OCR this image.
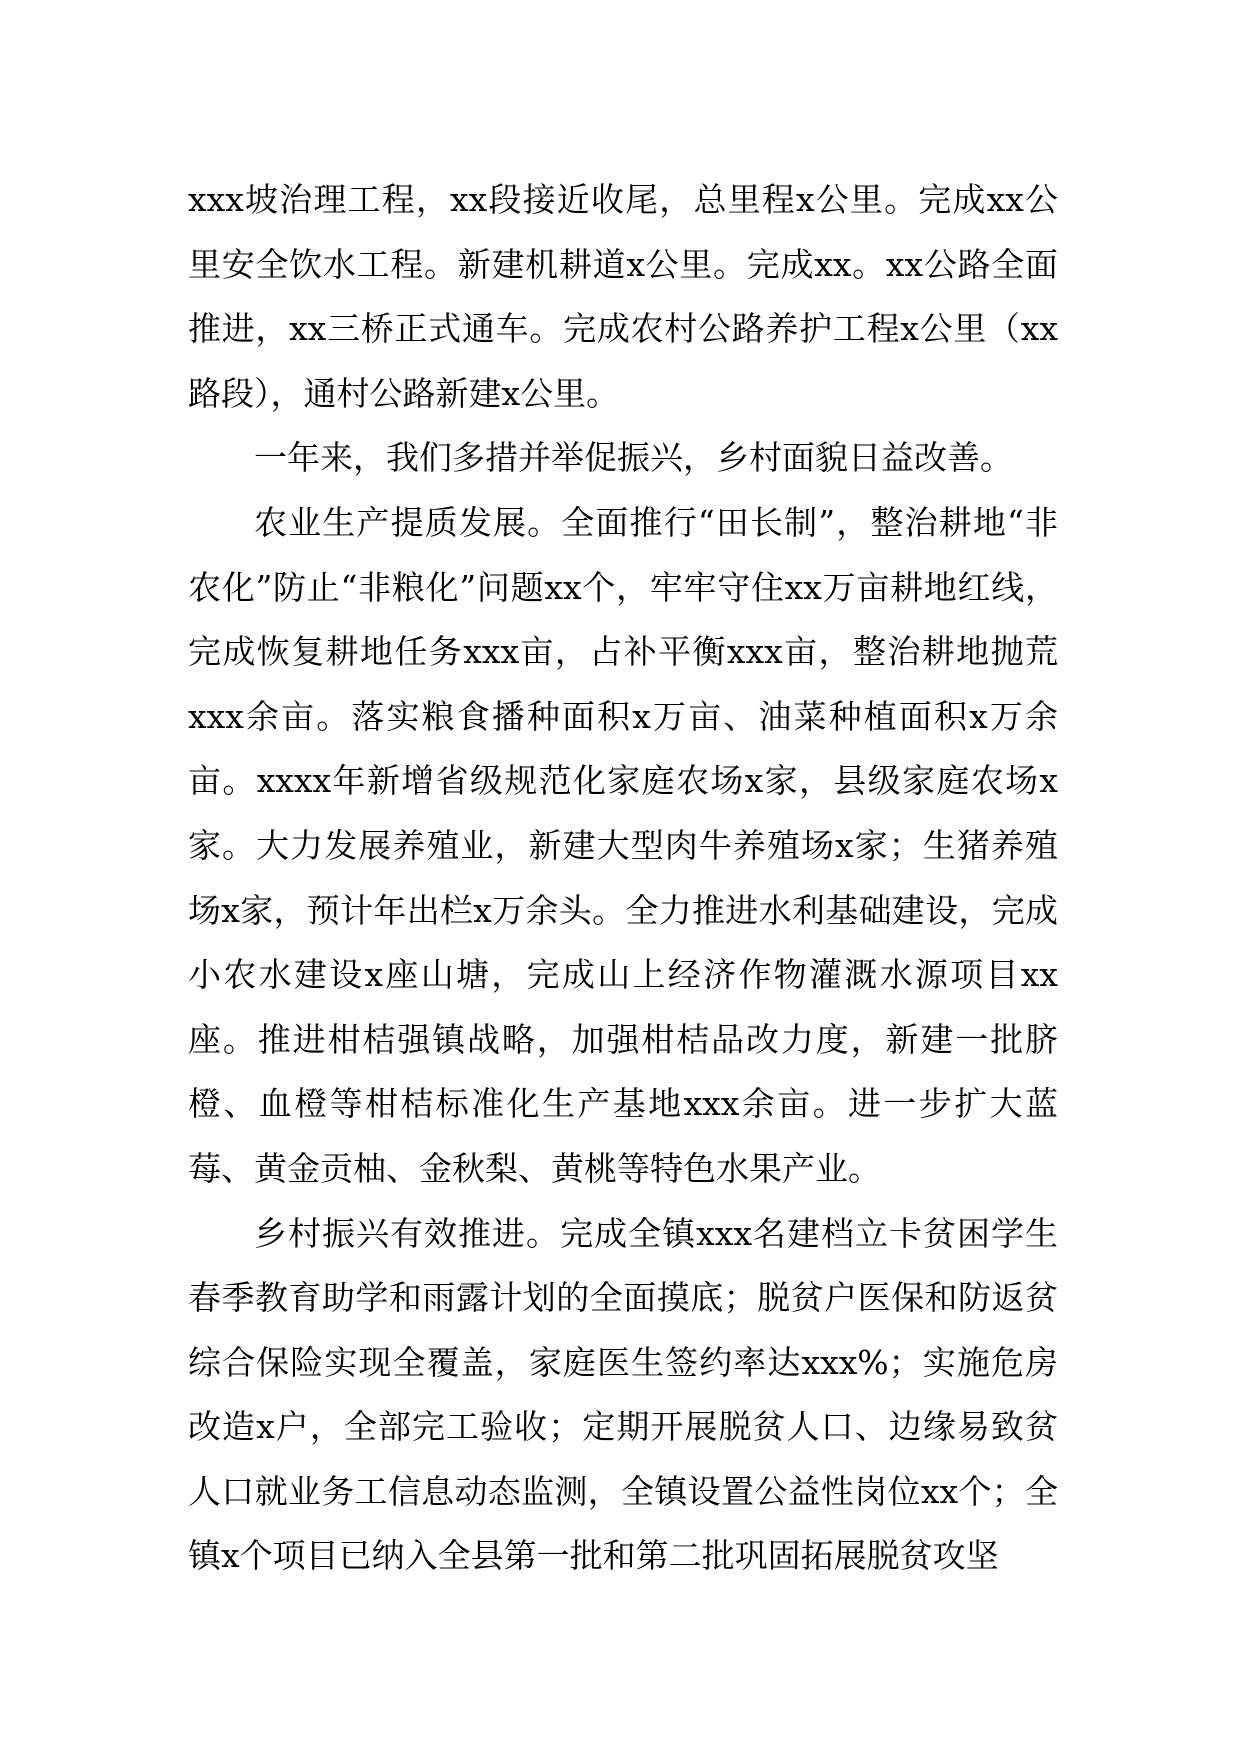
xxx坡治理工程，xx段接近收尾，总里程x公里。完成xx公里安全饮水工程。新建机耕道x公里。完成xx。xx公路全面推进，xx三桥正式通车。完成农村公路养护工程x公里（xx路段），通村公路新建x公里。

一年来，我们多措并举促振兴，乡村面貌日益改善。

农业生产提质发展。全面推行“田长制”，整治耕地“非农化”防止“非粮化”问题xx个，牢牢守住xx万亩耕地红线，完成恢复耕地任务xxx亩，占补平衡xxx亩，整治耕地抛荒xxx余亩。落实粮食播种面积x万亩、油菜种植面积x万余亩。xxxx年新增省级规范化家庭农场x家，县级家庭农场x家。大力发展养殖业，新建大型肉牛养殖场x家；生猪养殖场x家，预计年出栏x万余头。全力推进水利基础建设，完成小农水建设x座山塘，完成山上经济作物灌溉水源项目xx座。推进柑桔强镇战略，加强柑桔品改力度，新建一批脐橙、血橙等柑桔标准化生产基地xxx余亩。进一步扩大蓝莓、黄金贡柚、金秋梨、黄桃等特色水果产业。

乡村振兴有效推进。完成全镇xxx名建档立卡贫困学生春季教育助学和雨露计划的全面摸底；脱贫户医保和防返贫综合保险实现全覆盖，家庭医生签约率达xxx%；实施危房改造x户，全部完工验收；定期开展脱贫人口、边缘易致贫人口就业务工信息动态监测，全镇设置公益性岗位xx个；全镇x个项目已纳入全县第一批和第二批巩固拓展脱贫攻坚
